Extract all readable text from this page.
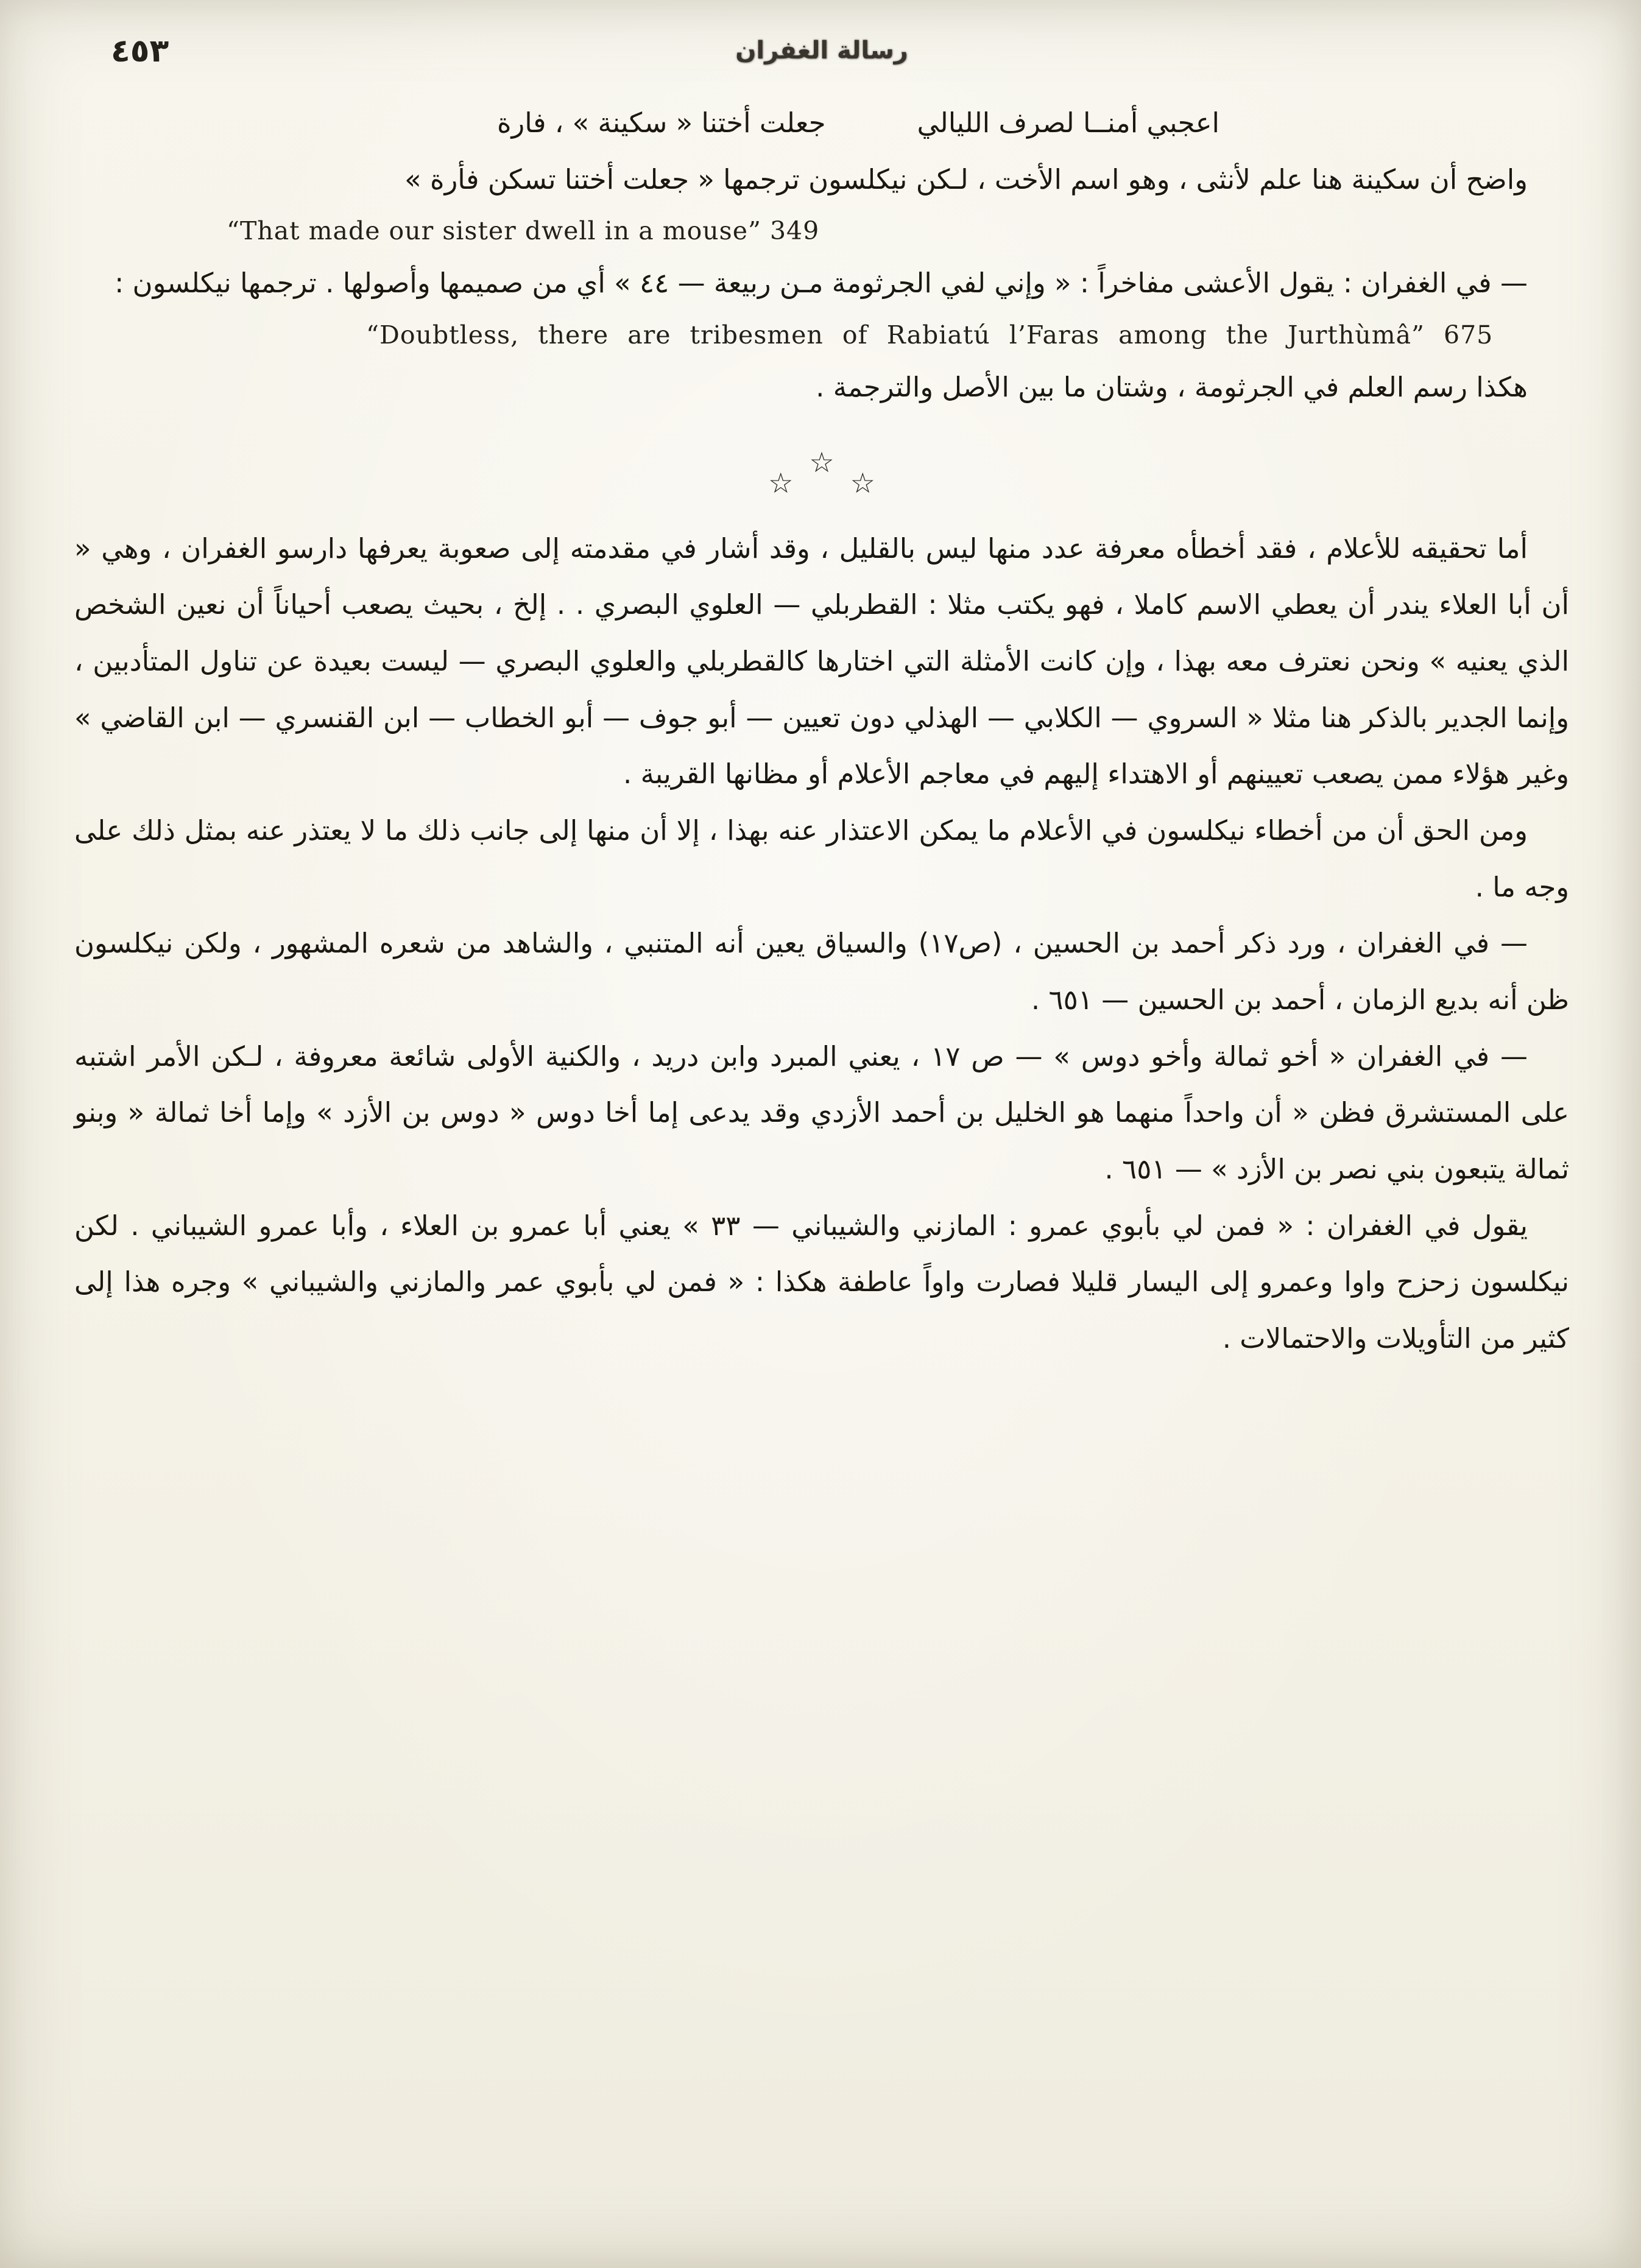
٤٥٣	رسالة الغفران
اعجبي أمنــا لصرف الليالي
جعلت أختنا « سكينة » ، فارة

واضح أن سكينة هنا علم لأنثى ، وهو اسم الأخت ، لـكن نيكلسون ترجمها « جعلت أختنا تسكن فأرة »

“That made our sister dwell in a mouse” 349

— في الغفران : يقول الأعشى مفاخراً : « وإني لفي الجرثومة مـن ربيعة — ٤٤ » أي من صميمها وأصولها . ترجمها نيكلسون :

“Doubtless, there are tribesmen of Rabiatú l’Faras among the Jurthùmâ” 675

هكذا رسم العلم في الجرثومة ، وشتان ما بين الأصل والترجمة .

☆
☆
☆

أما تحقيقه للأعلام ، فقد أخطأه معرفة عدد منها ليس بالقليل ، وقد أشار في مقدمته إلى صعوبة يعرفها دارسو الغفران ، وهي « أن أبا العلاء يندر أن يعطي الاسم كاملا ، فهو يكتب مثلا : القطربلي — العلوي البصري . . إلخ ، بحيث يصعب أحياناً أن نعين الشخص الذي يعنيه » ونحن نعترف معه بهذا ، وإن كانت الأمثلة التي اختارها كالقطربلي والعلوي البصري — ليست بعيدة عن تناول المتأدبين ، وإنما الجدير بالذكر هنا مثلا « السروي — الكلابي — الهذلي دون تعيين — أبو جوف — أبو الخطاب — ابن القنسري — ابن القاضي » وغير هؤلاء ممن يصعب تعيينهم أو الاهتداء إليهم في معاجم الأعلام أو مظانها القريبة .

ومن الحق أن من أخطاء نيكلسون في الأعلام ما يمكن الاعتذار عنه بهذا ، إلا أن منها إلى جانب ذلك ما لا يعتذر عنه بمثل ذلك على وجه ما .

— في الغفران ، ورد ذكر أحمد بن الحسين ، (ص١٧) والسياق يعين أنه المتنبي ، والشاهد من شعره المشهور ، ولكن نيكلسون ظن أنه بديع الزمان ، أحمد بن الحسين — ٦٥١ .

— في الغفران « أخو ثمالة وأخو دوس » — ص ١٧ ، يعني المبرد وابن دريد ، والكنية الأولى شائعة معروفة ، لـكن الأمر اشتبه على المستشرق فظن « أن واحداً منهما هو الخليل بن أحمد الأزدي وقد يدعى إما أخا دوس « دوس بن الأزد » وإما أخا ثمالة « وبنو ثمالة يتبعون بني نصر بن الأزد » — ٦٥١ .

يقول في الغفران : « فمن لي بأبوي عمرو : المازني والشيباني — ٣٣ » يعني أبا عمرو بن العلاء ، وأبا عمرو الشيباني . لكن نيكلسون زحزح واوا وعمرو إلى اليسار قليلا فصارت واواً عاطفة هكذا : « فمن لي بأبوي عمر والمازني والشيباني » وجره هذا إلى كثير من التأويلات والاحتمالات .
